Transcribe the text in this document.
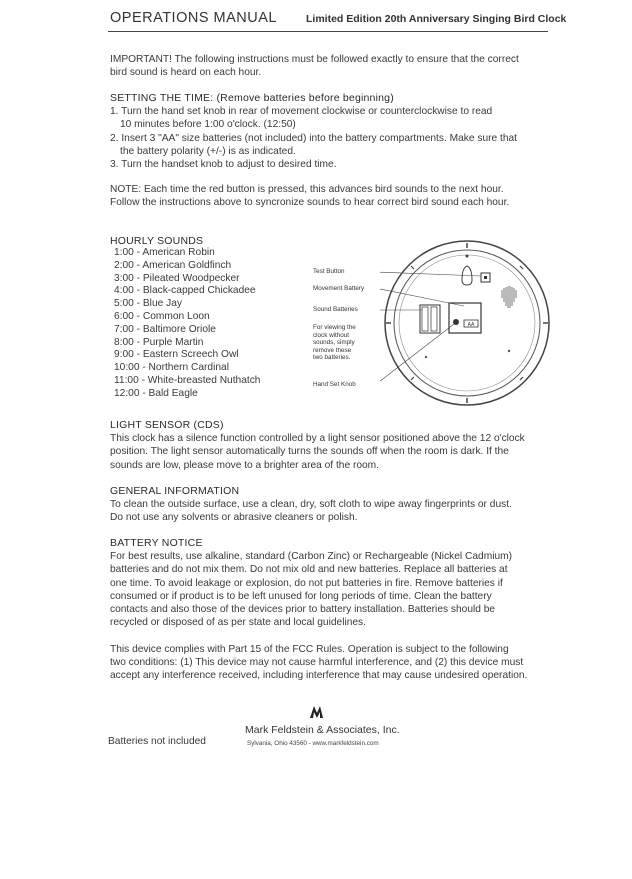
OPERATIONS MANUAL	Limited Edition 20th Anniversary Singing Bird Clock
IMPORTANT! The following instructions must be followed exactly to ensure that the correct
bird sound is heard on each hour.
SETTING THE TIME: (Remove batteries before beginning)
1. Turn the hand set knob in rear of movement clockwise or counterclockwise to read
10 minutes before 1:00 o'clock. (12:50)
2. Insert 3 "AA" size batteries (not included) into the battery compartments. Make sure that
the battery polarity (+/-) is as indicated.
3. Turn the handset knob to adjust to desired time.
NOTE: Each time the red button is pressed, this advances bird sounds to the next hour.
Follow the instructions above to syncronize sounds to hear correct bird sound each hour.
HOURLY SOUNDS
1:00 - American Robin
2:00 - American Goldfinch
3:00 - Pileated Woodpecker
4:00 - Black-capped Chickadee
5:00 - Blue Jay
6:00 - Common Loon
7:00 - Baltimore Oriole
8:00 - Purple Martin
9:00 - Eastern Screech Owl
10:00 - Northern Cardinal
11:00 - White-breasted Nuthatch
12:00 - Bald Eagle
AA
Test Button
Movement Battery
Sound Batteries
For viewing the
clock without
sounds, simply
remove these
two batteries.
Hand Set Knob
LIGHT SENSOR (CDS)
This clock has a silence function controlled by a light sensor positioned above the 12 o'clock
position. The light sensor automatically turns the sounds off when the room is dark. If the
sounds are low, please move to a brighter area of the room.
GENERAL INFORMATION
To clean the outside surface, use a clean, dry, soft cloth to wipe away fingerprints or dust.
Do not use any solvents or abrasive cleaners or polish.
BATTERY NOTICE
For best results, use alkaline, standard (Carbon Zinc) or Rechargeable (Nickel Cadmium)
batteries and do not mix them. Do not mix old and new batteries. Replace all batteries at
one time. To avoid leakage or explosion, do not put batteries in fire. Remove batteries if
consumed or if product is to be left unused for long periods of time. Clean the battery
contacts and also those of the devices prior to battery installation. Batteries should be
recycled or disposed of as per state and local guidelines.
This device complies with Part 15 of the FCC Rules. Operation is subject to the following
two conditions: (1) This device may not cause harmful interference, and (2) this device must
accept any interference received, including interference that may cause undesired operation.
Mark Feldstein & Associates, Inc.
Sylvania, Ohio 43560 - www.markfeldstein.com
Batteries not included
